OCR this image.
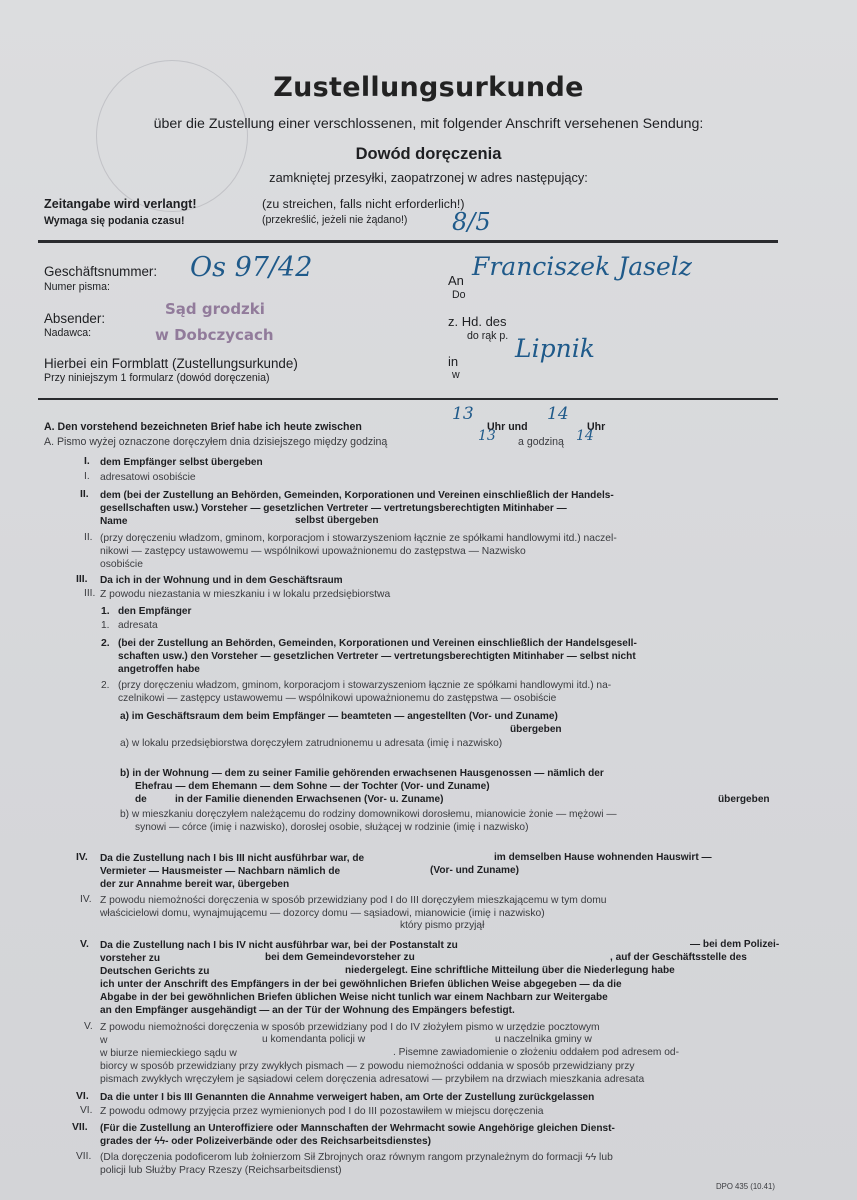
Zustellungsurkunde
über die Zustellung einer verschlossenen, mit folgender Anschrift versehenen Sendung:
Dowód doręczenia
zamkniętej przesyłki, zaopatrzonej w adres następujący:
Zeitangabe wird verlangt!
Wymaga się podania czasu!
(zu streichen, falls nicht erforderlich!)
(przekreślić, jeżeli nie żądano!) 8/5
Geschäftsnummer:
Numer pisma:
Os 97/42
Absender:
Nadawca:
Sąd grodzki
w Dobczycach
Hierbei ein Formblatt (Zustellungsurkunde)
Przy niniejszym 1 formularz (dowód doręczenia)
An
Do
Franciszek Jaselz
z. Hd. des
do rąk p.
in
w
Lipnik
A. Den vorstehend bezeichneten Brief habe ich heute zwischen	Uhr und	Uhr
13	14
A. Pismo wyżej oznaczone doręczyłem dnia dzisiejszego między godziną	a godziną
13	14
I. dem Empfänger selbst übergeben
I. adresatowi osobiście
II. dem (bei der Zustellung an Behörden, Gemeinden, Korporationen und Vereinen einschließlich der Handels-
gesellschaften usw.) Vorsteher — gesetzlichen Vertreter — vertretungsberechtigten Mitinhaber —
Name	selbst übergeben
II. (przy doręczeniu władzom, gminom, korporacjom i stowarzyszeniom łącznie ze spółkami handlowymi itd.) naczel-
nikowi — zastępcy ustawowemu — wspólnikowi upoważnionemu do zastępstwa — Nazwisko
osobiście
III. Da ich in der Wohnung und in dem Geschäftsraum
III. Z powodu niezastania w mieszkaniu i w lokalu przedsiębiorstwa
1. den Empfänger
1. adresata
2. (bei der Zustellung an Behörden, Gemeinden, Korporationen und Vereinen einschließlich der Handelsgesell-
schaften usw.) den Vorsteher — gesetzlichen Vertreter — vertretungsberechtigten Mitinhaber — selbst nicht
angetroffen habe
2. (przy doręczeniu władzom, gminom, korporacjom i stowarzyszeniom łącznie ze spółkami handlowymi itd.) na-
czelnikowi — zastępcy ustawowemu — wspólnikowi upoważnionemu do zastępstwa — osobiście
a) im Geschäftsraum dem beim Empfänger — beamteten — angestellten (Vor- und Zuname)
übergeben
a) w lokalu przedsiębiorstwa doręczyłem zatrudnionemu u adresata (imię i nazwisko)
b) in der Wohnung — dem zu seiner Familie gehörenden erwachsenen Hausgenossen — nämlich der
Ehefrau — dem Ehemann — dem Sohne — der Tochter (Vor- und Zuname)
de	in der Familie dienenden Erwachsenen (Vor- u. Zuname)	übergeben
b) w mieszkaniu doręczyłem należącemu do rodziny domownikowi dorosłemu, mianowicie żonie — mężowi —
synowi — córce (imię i nazwisko), dorosłej osobie, służącej w rodzinie (imię i nazwisko)
IV. Da die Zustellung nach I bis III nicht ausführbar war, de	im demselben Hause wohnenden Hauswirt —
Vermieter — Hausmeister — Nachbarn nämlich de	(Vor- und Zuname)
der zur Annahme bereit war, übergeben
IV. Z powodu niemożności doręczenia w sposób przewidziany pod I do III doręczyłem mieszkającemu w tym domu
właścicielowi domu, wynajmującemu — dozorcy domu — sąsiadowi, mianowicie (imię i nazwisko)
który pismo przyjął
V. Da die Zustellung nach I bis IV nicht ausführbar war, bei der Postanstalt zu	— bei dem Polizei-
vorsteher zu	bei dem Gemeindevorsteher zu	, auf der Geschäftsstelle des
Deutschen Gerichts zu	niedergelegt. Eine schriftliche Mitteilung über die Niederlegung habe
ich unter der Anschrift des Empfängers in der bei gewöhnlichen Briefen üblichen Weise abgegeben — da die
Abgabe in der bei gewöhnlichen Briefen üblichen Weise nicht tunlich war einem Nachbarn zur Weitergabe
an den Empfänger ausgehändigt — an der Tür der Wohnung des Empängers befestigt.
V. Z powodu niemożności doręczenia w sposób przewidziany pod I do IV złożyłem pismo w urzędzie pocztowym
w	u komendanta policji w	u naczelnika gminy w
w biurze niemieckiego sądu w	. Pisemne zawiadomienie o złożeniu oddałem pod adresem od-
biorcy w sposób przewidziany przy zwykłych pismach — z powodu niemożności oddania w sposób przewidziany przy
pismach zwykłych wręczyłem je sąsiadowi celem doręczenia adresatowi — przybiłem na drzwiach mieszkania adresata
VI. Da die unter I bis III Genannten die Annahme verweigert haben, am Orte der Zustellung zurückgelassen
VI. Z powodu odmowy przyjęcia przez wymienionych pod I do III pozostawiłem w miejscu doręczenia
VII. (Für die Zustellung an Unteroffiziere oder Mannschaften der Wehrmacht sowie Angehörige gleichen Dienst-
grades der ϟϟ- oder Polizeiverbände oder des Reichsarbeitsdienstes)
VII. (Dla doręczenia podoficerom lub żołnierzom Sił Zbrojnych oraz równym rangom przynależnym do formacji ϟϟ lub
policji lub Służby Pracy Rzeszy (Reichsarbeitsdienst)
DPO 435 (10.41)
